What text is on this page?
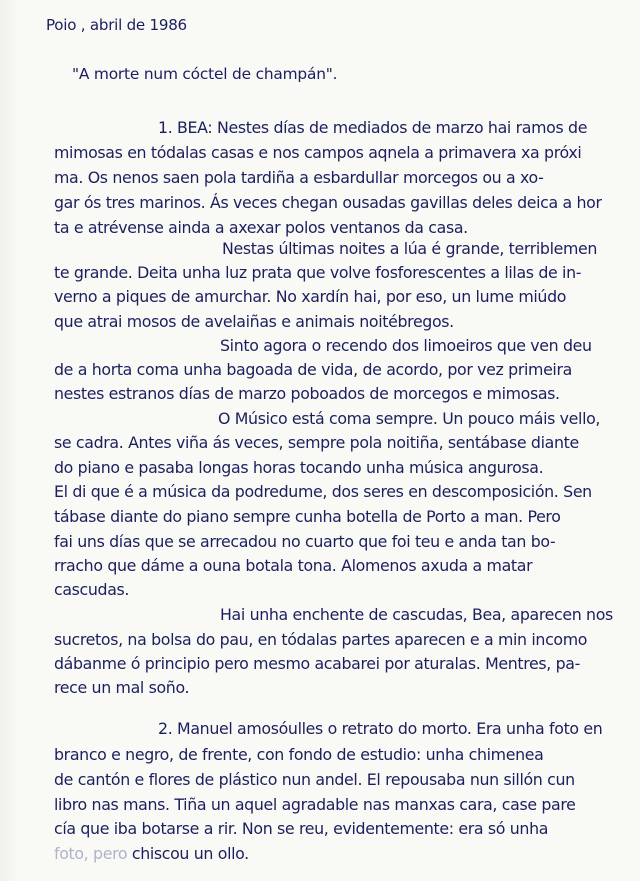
Poio , abril de 1986
"A morte num cóctel de champán".
1. BEA: Nestes días de mediados de marzo hai ramos de
mimosas en tódalas casas e nos campos aqnela a primavera xa próxi
ma. Os nenos saen pola tardiña a esbardullar morcegos ou a xo-
gar ós tres marinos. Ás veces chegan ousadas gavillas deles deica a hor
ta e atrévense ainda a axexar polos ventanos da casa.
Nestas últimas noites a lúa é grande, terriblemen
te grande. Deita unha luz prata que volve fosforescentes a lilas de in-
verno a piques de amurchar. No xardín hai, por eso, un lume miúdo
que atrai mosos de avelaiñas e animais noitébregos.
Sinto agora o recendo dos limoeiros que ven deu
de a horta coma unha bagoada de vida, de acordo, por vez primeira
nestes estranos días de marzo poboados de morcegos e mimosas.
O Músico está coma sempre. Un pouco máis vello,
se cadra. Antes viña ás veces, sempre pola noitiña, sentábase diante
do piano e pasaba longas horas tocando unha música angurosa.
El di que é a música da podredume, dos seres en descomposición. Sen
tábase diante do piano sempre cunha botella de Porto a man. Pero
fai uns días que se arrecadou no cuarto que foi teu e anda tan bo-
rracho que dáme a ouna botala tona. Alomenos axuda a matar
cascudas.
Hai unha enchente de cascudas, Bea, aparecen nos
sucretos, na bolsa do pau, en tódalas partes aparecen e a min incomo
dábanme ó principio pero mesmo acabarei por aturalas. Mentres, pa-
rece un mal soño.
2. Manuel amosóulles o retrato do morto. Era unha foto en
branco e negro, de frente, con fondo de estudio: unha chimenea
de cantón e flores de plástico nun andel. El repousaba nun sillón cun
libro nas mans. Tiña un aquel agradable nas manxas cara, case pare
cía que iba botarse a rir. Non se reu, evidentemente: era só unha
foto, pero chiscou un ollo.
